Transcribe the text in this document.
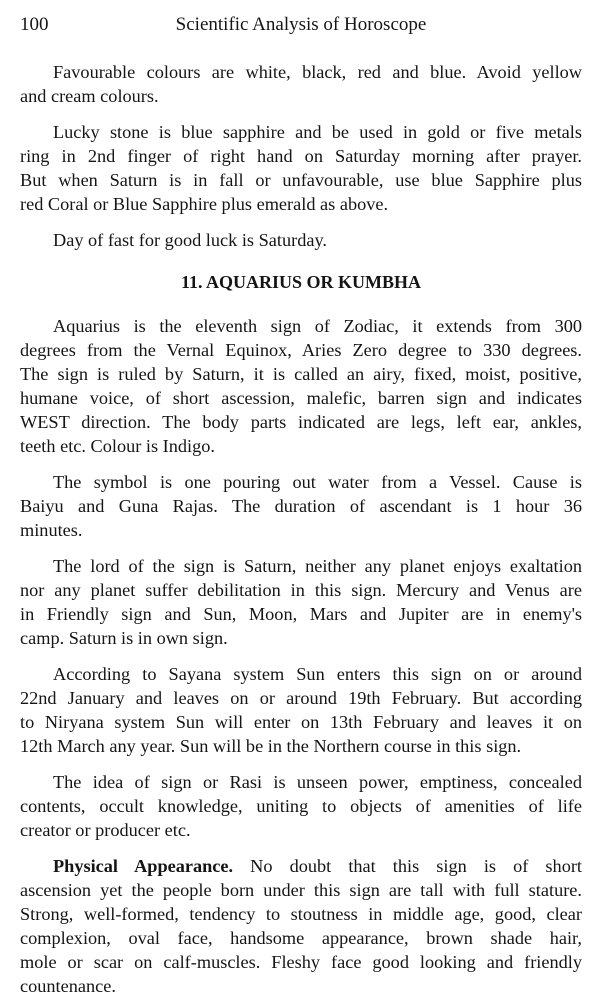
100	Scientific Analysis of Horoscope
Favourable colours are white, black, red and blue. Avoid yellow
and cream colours.
Lucky stone is blue sapphire and be used in gold or five metals
ring in 2nd finger of right hand on Saturday morning after prayer.
But when Saturn is in fall or unfavourable, use blue Sapphire plus
red Coral or Blue Sapphire plus emerald as above.
Day of fast for good luck is Saturday.
11. AQUARIUS OR KUMBHA
Aquarius is the eleventh sign of Zodiac, it extends from 300
degrees from the Vernal Equinox, Aries Zero degree to 330 degrees.
The sign is ruled by Saturn, it is called an airy, fixed, moist, positive,
humane voice, of short ascession, malefic, barren sign and indicates
WEST direction. The body parts indicated are legs, left ear, ankles,
teeth etc. Colour is Indigo.
The symbol is one pouring out water from a Vessel. Cause is
Baiyu and Guna Rajas. The duration of ascendant is 1 hour 36
minutes.
The lord of the sign is Saturn, neither any planet enjoys exaltation
nor any planet suffer debilitation in this sign. Mercury and Venus are
in Friendly sign and Sun, Moon, Mars and Jupiter are in enemy's
camp. Saturn is in own sign.
According to Sayana system Sun enters this sign on or around
22nd January and leaves on or around 19th February. But according
to Niryana system Sun will enter on 13th February and leaves it on
12th March any year. Sun will be in the Northern course in this sign.
The idea of sign or Rasi is unseen power, emptiness, concealed
contents, occult knowledge, uniting to objects of amenities of life
creator or producer etc.
Physical Appearance. No doubt that this sign is of short
ascension yet the people born under this sign are tall with full stature.
Strong, well-formed, tendency to stoutness in middle age, good, clear
complexion, oval face, handsome appearance, brown shade hair,
mole or scar on calf-muscles. Fleshy face good looking and friendly
countenance.
